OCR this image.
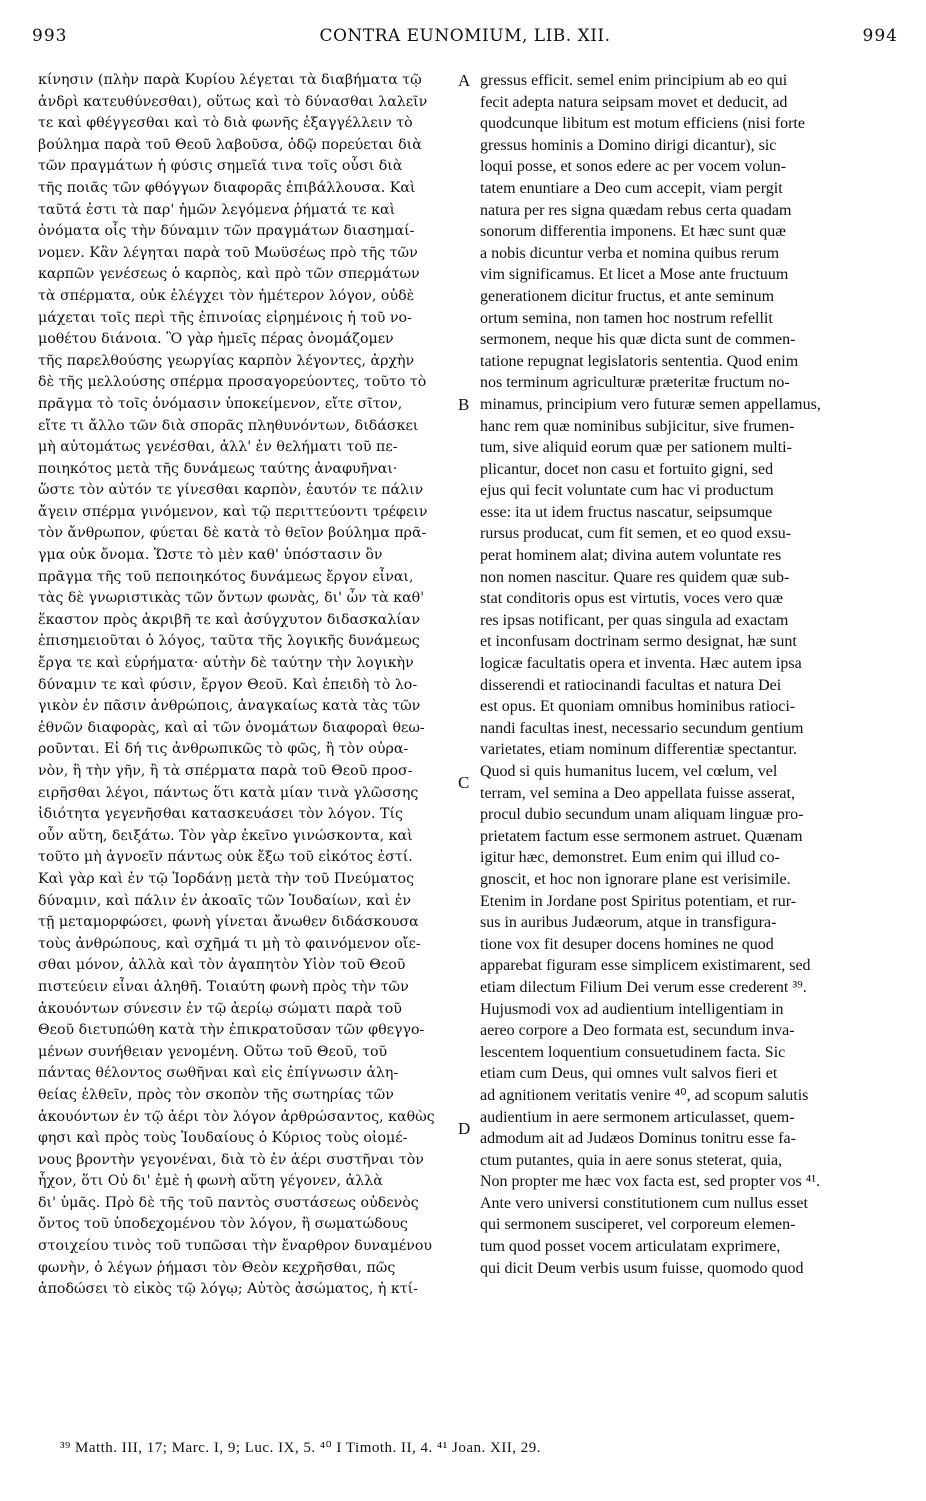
993	CONTRA EUNOMIUM, LIB. XII.	994
κίνησιν (πλὴν παρὰ Κυρίου λέγεται τὰ διαβήματα τῷ
ἀνδρὶ κατευθύνεσθαι), οὕτως καὶ τὸ δύνασθαι λαλεῖν
τε καὶ φθέγγεσθαι καὶ τὸ διὰ φωνῆς ἐξαγγέλλειν τὸ
βούλημα παρὰ τοῦ Θεοῦ λαβοῦσα, ὁδῷ πορεύεται διὰ
τῶν πραγμάτων ἡ φύσις σημεῖά τινα τοῖς οὖσι διὰ
τῆς ποιᾶς τῶν φθόγγων διαφορᾶς ἐπιβάλλουσα. Καὶ
ταῦτά ἐστι τὰ παρ' ἡμῶν λεγόμενα ῥήματά τε καὶ
ὀνόματα οἷς τὴν δύναμιν τῶν πραγμάτων διασημαί-
νομεν. Κἂν λέγηται παρὰ τοῦ Μωϋσέως πρὸ τῆς τῶν
καρπῶν γενέσεως ὁ καρπὸς, καὶ πρὸ τῶν σπερμάτων
τὰ σπέρματα, οὐκ ἐλέγχει τὸν ἡμέτερον λόγον, οὐδὲ
μάχεται τοῖς περὶ τῆς ἐπινοίας εἰρημένοις ἡ τοῦ νο-
μοθέτου διάνοια. Ὃ γὰρ ἡμεῖς πέρας ὀνομάζομεν
τῆς παρελθούσης γεωργίας καρπὸν λέγοντες, ἀρχὴν
δὲ τῆς μελλούσης σπέρμα προσαγορεύοντες, τοῦτο τὸ
πρᾶγμα τὸ τοῖς ὀνόμασιν ὑποκείμενον, εἴτε σῖτον,
εἴτε τι ἄλλο τῶν διὰ σπορᾶς πληθυνόντων, διδάσκει
μὴ αὐτομάτως γενέσθαι, ἀλλ' ἐν θελήματι τοῦ πε-
ποιηκότος μετὰ τῆς δυνάμεως ταύτης ἀναφυῆναι·
ὥστε τὸν αὐτόν τε γίνεσθαι καρπὸν, ἑαυτόν τε πάλιν
ἄγειν σπέρμα γινόμενον, καὶ τῷ περιττεύοντι τρέφειν
τὸν ἄνθρωπον, φύεται δὲ κατὰ τὸ θεῖον βούλημα πρᾶ-
γμα οὐκ ὄνομα. Ὥστε τὸ μὲν καθ' ὑπόστασιν ὂν
πρᾶγμα τῆς τοῦ πεποιηκότος δυνάμεως ἔργον εἶναι,
τὰς δὲ γνωριστικὰς τῶν ὄντων φωνὰς, δι' ὧν τὰ καθ'
ἕκαστον πρὸς ἀκριβῆ τε καὶ ἀσύγχυτον διδασκαλίαν
ἐπισημειοῦται ὁ λόγος, ταῦτα τῆς λογικῆς δυνάμεως
ἔργα τε καὶ εὑρήματα· αὐτὴν δὲ ταύτην τὴν λογικὴν
δύναμιν τε καὶ φύσιν, ἔργον Θεοῦ. Καὶ ἐπειδὴ τὸ λο-
γικὸν ἐν πᾶσιν ἀνθρώποις, ἀναγκαίως κατὰ τὰς τῶν
ἐθνῶν διαφορὰς, καὶ αἱ τῶν ὀνομάτων διαφοραὶ θεω-
ροῦνται. Εἰ δή τις ἀνθρωπικῶς τὸ φῶς, ἢ τὸν οὐρα-
νὸν, ἢ τὴν γῆν, ἢ τὰ σπέρματα παρὰ τοῦ Θεοῦ προσ-
ειρῆσθαι λέγοι, πάντως ὅτι κατὰ μίαν τινὰ γλῶσσης
ἰδιότητα γεγενῆσθαι κατασκευάσει τὸν λόγον. Τίς
οὖν αὕτη, δειξάτω. Τὸν γὰρ ἐκεῖνο γινώσκοντα, καὶ
τοῦτο μὴ ἀγνοεῖν πάντως οὐκ ἔξω τοῦ εἰκότος ἐστί.
Καὶ γὰρ καὶ ἐν τῷ Ἰορδάνῃ μετὰ τὴν τοῦ Πνεύματος
δύναμιν, καὶ πάλιν ἐν ἀκοαῖς τῶν Ἰουδαίων, καὶ ἐν
τῇ μεταμορφώσει, φωνὴ γίνεται ἄνωθεν διδάσκουσα
τοὺς ἀνθρώπους, καὶ σχῆμά τι μὴ τὸ φαινόμενον οἴε-
σθαι μόνον, ἀλλὰ καὶ τὸν ἀγαπητὸν Υἱὸν τοῦ Θεοῦ
πιστεύειν εἶναι ἀληθῆ. Τοιαύτη φωνὴ πρὸς τὴν τῶν
ἀκουόντων σύνεσιν ἐν τῷ ἀερίῳ σώματι παρὰ τοῦ
Θεοῦ διετυπώθη κατὰ τὴν ἐπικρατοῦσαν τῶν φθεγγο-
μένων συνήθειαν γενομένη. Οὕτω τοῦ Θεοῦ, τοῦ
πάντας θέλοντος σωθῆναι καὶ εἰς ἐπίγνωσιν ἀλη-
θείας ἐλθεῖν, πρὸς τὸν σκοπὸν τῆς σωτηρίας τῶν
ἀκουόντων ἐν τῷ ἀέρι τὸν λόγον ἀρθρώσαντος, καθὼς
φησι καὶ πρὸς τοὺς Ἰουδαίους ὁ Κύριος τοὺς οἰομέ-
νους βροντὴν γεγονέναι, διὰ τὸ ἐν ἀέρι συστῆναι τὸν
ἦχον, ὅτι Οὐ δι' ἐμὲ ἡ φωνὴ αὕτη γέγονεν, ἀλλὰ
δι' ὑμᾶς. Πρὸ δὲ τῆς τοῦ παντὸς συστάσεως οὐδενὸς
ὄντος τοῦ ὑποδεχομένου τὸν λόγον, ἢ σωματώδους
στοιχείου τινὸς τοῦ τυπῶσαι τὴν ἔναρθρον δυναμένου
φωνὴν, ὁ λέγων ῥήμασι τὸν Θεὸν κεχρῆσθαι, πῶς
ἀποδώσει τὸ εἰκὸς τῷ λόγῳ; Αὐτὸς ἀσώματος, ἡ κτί-
A
B
C
D
gressus efficit. semel enim principium ab eo qui
fecit adepta natura seipsam movet et deducit, ad
quodcunque libitum est motum efficiens (nisi forte
gressus hominis a Domino dirigi dicantur), sic
loqui posse, et sonos edere ac per vocem volun-
tatem enuntiare a Deo cum accepit, viam pergit
natura per res signa quædam rebus certa quadam
sonorum differentia imponens. Et hæc sunt quæ
a nobis dicuntur verba et nomina quibus rerum
vim significamus. Et licet a Mose ante fructuum
generationem dicitur fructus, et ante seminum
ortum semina, non tamen hoc nostrum refellit
sermonem, neque his quæ dicta sunt de commen-
tatione repugnat legislatoris sententia. Quod enim
nos terminum agriculturæ præteritæ fructum no-
minamus, principium vero futuræ semen appellamus,
hanc rem quæ nominibus subjicitur, sive frumen-
tum, sive aliquid eorum quæ per sationem multi-
plicantur, docet non casu et fortuito gigni, sed
ejus qui fecit voluntate cum hac vi productum
esse: ita ut idem fructus nascatur, seipsumque
rursus producat, cum fit semen, et eo quod exsu-
perat hominem alat; divina autem voluntate res
non nomen nascitur. Quare res quidem quæ sub-
stat conditoris opus est virtutis, voces vero quæ
res ipsas notificant, per quas singula ad exactam
et inconfusam doctrinam sermo designat, hæ sunt
logicæ facultatis opera et inventa. Hæc autem ipsa
disserendi et ratiocinandi facultas et natura Dei
est opus. Et quoniam omnibus hominibus ratioci-
nandi facultas inest, necessario secundum gentium
varietates, etiam nominum differentiæ spectantur.
Quod si quis humanitus lucem, vel cœlum, vel
terram, vel semina a Deo appellata fuisse asserat,
procul dubio secundum unam aliquam linguæ pro-
prietatem factum esse sermonem astruet. Quænam
igitur hæc, demonstret. Eum enim qui illud co-
gnoscit, et hoc non ignorare plane est verisimile.
Etenim in Jordane post Spiritus potentiam, et rur-
sus in auribus Judæorum, atque in transfigura-
tione vox fit desuper docens homines ne quod
apparebat figuram esse simplicem existimarent, sed
etiam dilectum Filium Dei verum esse crederent ³⁹.
Hujusmodi vox ad audientium intelligentiam in
aereo corpore a Deo formata est, secundum inva-
lescentem loquentium consuetudinem facta. Sic
etiam cum Deus, qui omnes vult salvos fieri et
ad agnitionem veritatis venire ⁴⁰, ad scopum salutis
audientium in aere sermonem articulasset, quem-
admodum ait ad Judæos Dominus tonitru esse fa-
ctum putantes, quia in aere sonus steterat, quia,
Non propter me hæc vox facta est, sed propter vos ⁴¹.
Ante vero universi constitutionem cum nullus esset
qui sermonem susciperet, vel corporeum elemen-
tum quod posset vocem articulatam exprimere,
qui dicit Deum verbis usum fuisse, quomodo quod
³⁹ Matth. III, 17; Marc. I, 9; Luc. IX, 5. ⁴⁰ I Timoth. II, 4. ⁴¹ Joan. XII, 29.
